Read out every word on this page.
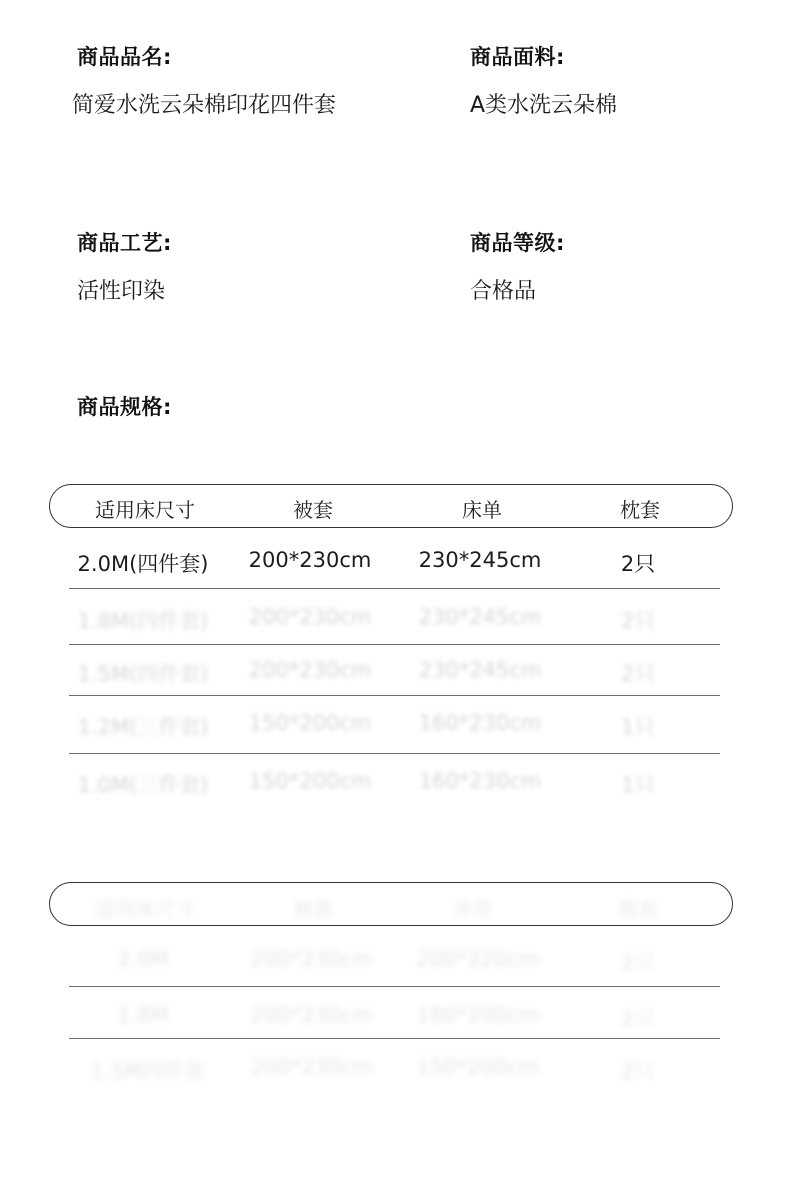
商品品名:
简爱水洗云朵棉印花四件套
商品面料:
A类水洗云朵棉
商品工艺:
活性印染
商品等级:
合格品
商品规格:
适用床尺寸	被套	床单	枕套
2.0M(四件套) 200*230cm 230*245cm	2只
1.8M(四件套) 200*230cm 230*245cm	2只
1.5M(四件套) 200*230cm 230*245cm	2只
1.2M(三件套) 150*200cm 160*230cm	1只
1.0M(三件套) 150*200cm 160*230cm	1只
适用床尺寸	被套	床笠	枕套
2.0M	200*230cm 200*220cm	2只
1.8M	200*230cm 180*200cm	2只
1.5M四件套 200*230cm 150*200cm	2只
